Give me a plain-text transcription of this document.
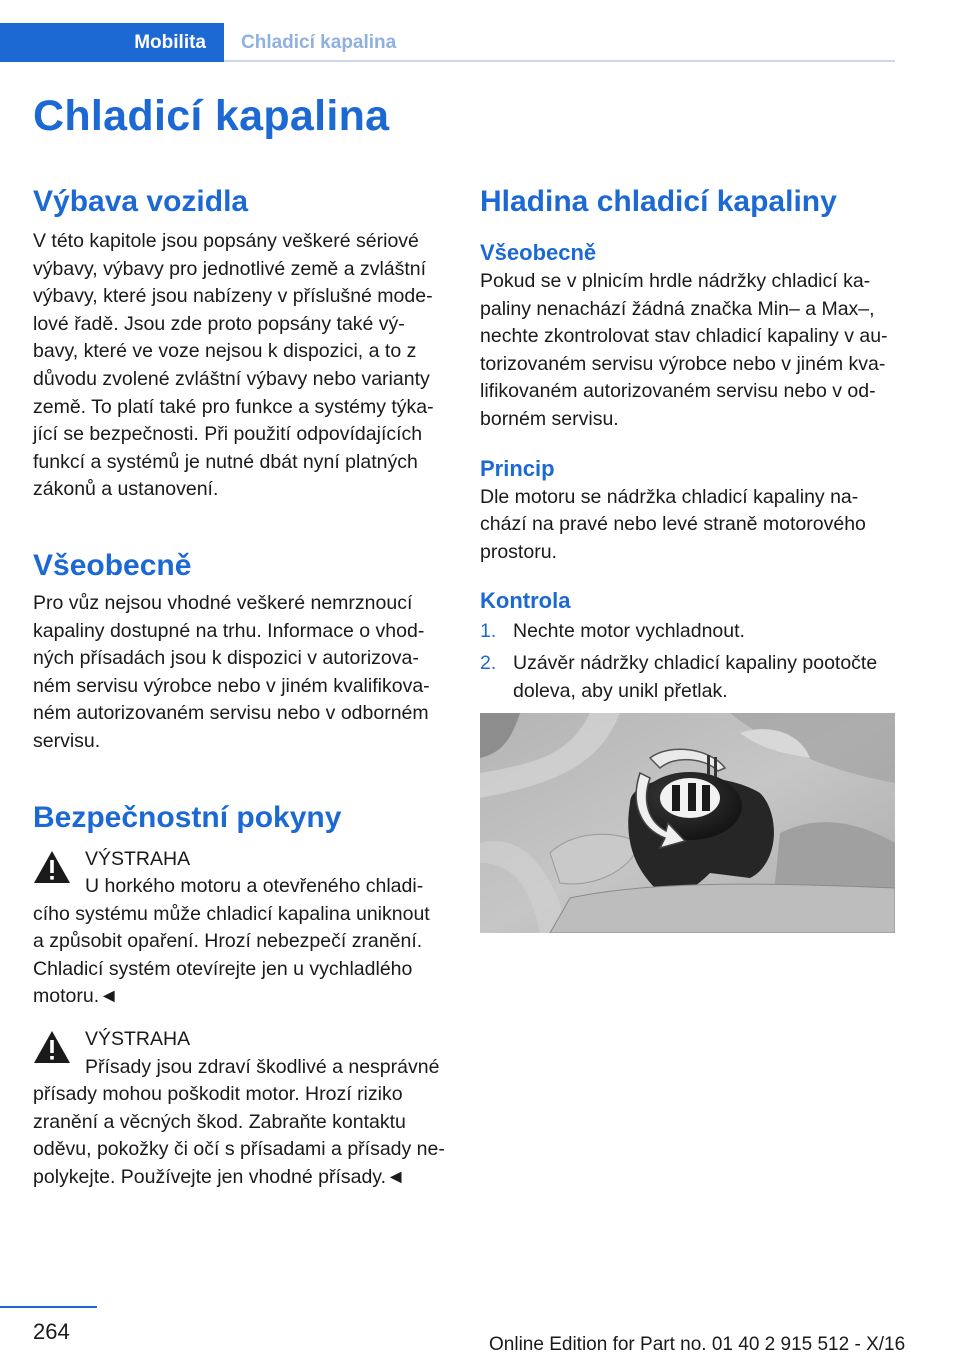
Mobilita	Chladicí kapalina
Chladicí kapalina
Výbava vozidla

V této kapitole jsou popsány veškeré sériové výbavy, výbavy pro jednotlivé země a zvláštní výbavy, které jsou nabízeny v příslušné mode‐lové řadě. Jsou zde proto popsány také vý‐bavy, které ve voze nejsou k dispozici, a to z důvodu zvolené zvláštní výbavy nebo varianty země. To platí také pro funkce a systémy týka‐jící se bezpečnosti. Při použití odpovídajících funkcí a systémů je nutné dbát nyní platných zákonů a ustanovení.

Všeobecně

Pro vůz nejsou vhodné veškeré nemrznoucí kapaliny dostupné na trhu. Informace o vhod‐ných přísadách jsou k dispozici v autorizova‐ném servisu výrobce nebo v jiném kvalifikova‐ném autorizovaném servisu nebo v odborném servisu.

Bezpečnostní pokyny

VÝSTRAHA

U horkého motoru a otevřeného chladi‐

cího systému může chladicí kapalina uniknout a způsobit opaření. Hrozí nebezpečí zranění. Chladicí systém otevírejte jen u vychladlého motoru.◄

VÝSTRAHA

Přísady jsou zdraví škodlivé a nesprávné

přísady mohou poškodit motor. Hrozí riziko zranění a věcných škod. Zabraňte kontaktu oděvu, pokožky či očí s přísadami a přísady ne‐polykejte. Používejte jen vhodné přísady.◄

Hladina chladicí kapaliny
Všeobecně

Pokud se v plnicím hrdle nádržky chladicí ka‐paliny nenachází žádná značka Min– a Max–, nechte zkontrolovat stav chladicí kapaliny v au‐torizovaném servisu výrobce nebo v jiném kva‐lifikovaném autorizovaném servisu nebo v od‐borném servisu.

Princip

Dle motoru se nádržka chladicí kapaliny na‐chází na pravé nebo levé straně motorového prostoru.

Kontrola
1. Nechte motor vychladnout.
2. Uzávěr nádržky chladicí kapaliny pootočte doleva, aby unikl přetlak.
264
Online Edition for Part no. 01 40 2 915 512 - X/16
